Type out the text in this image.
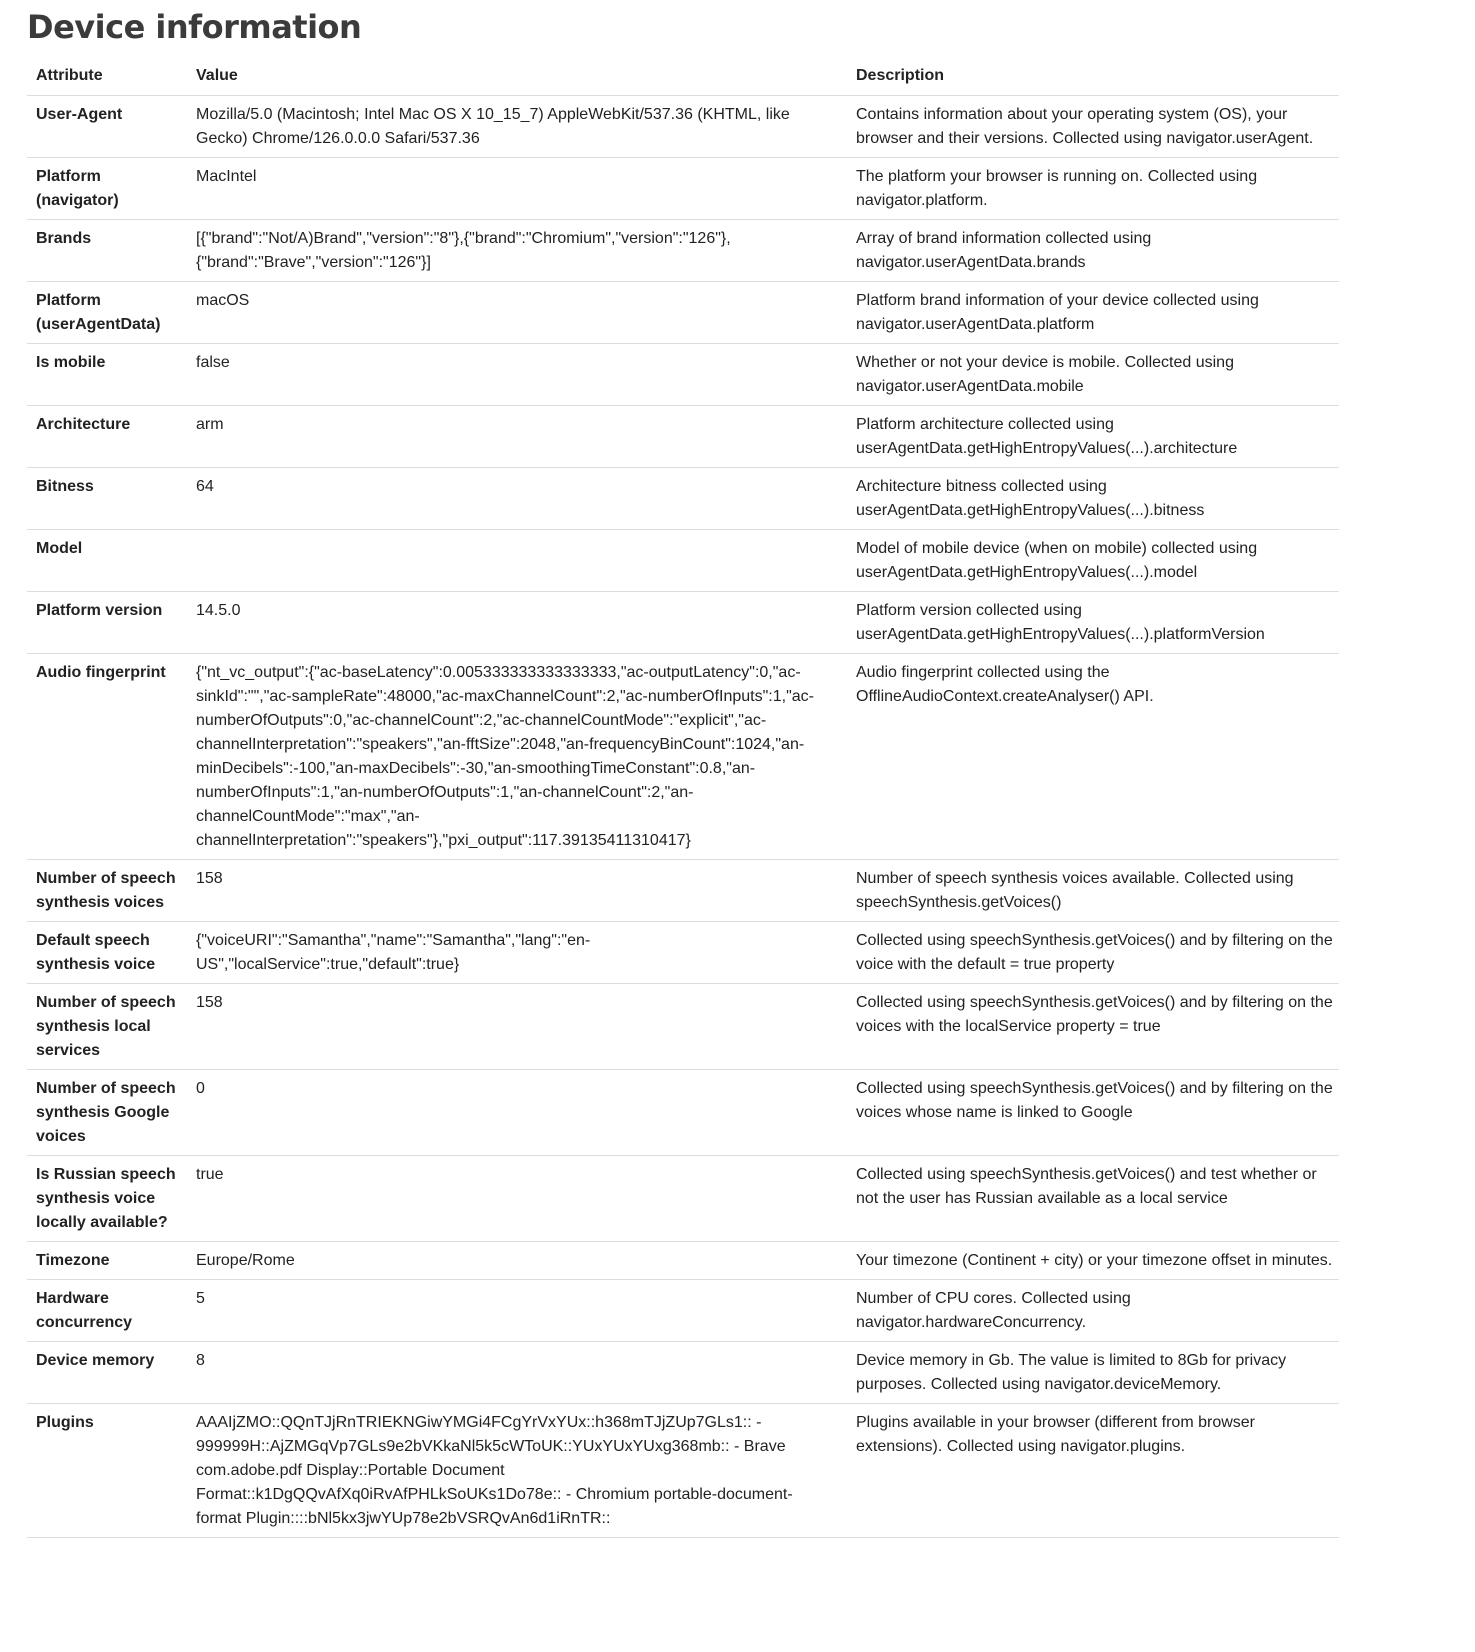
Device information
Attribute	Value	Description
User-Agent	Mozilla/5.0 (Macintosh; Intel Mac OS X 10_15_7) AppleWebKit/537.36 (KHTML, like Gecko) Chrome/126.0.0.0 Safari/537.36	Contains information about your operating system (OS), your browser and their versions. Collected using navigator.userAgent.
Platform (navigator)	MacIntel	The platform your browser is running on. Collected using navigator.platform.
Brands	[{"brand":"Not/A)Brand","version":"8"},{"brand":"Chromium","version":"126"},{"brand":"Brave","version":"126"}]	Array of brand information collected using navigator.userAgentData.brands
Platform (userAgentData)	macOS	Platform brand information of your device collected using navigator.userAgentData.platform
Is mobile	false	Whether or not your device is mobile. Collected using navigator.userAgentData.mobile
Architecture	arm	Platform architecture collected using userAgentData.getHighEntropyValues(...).architecture
Bitness	64	Architecture bitness collected using userAgentData.getHighEntropyValues(...).bitness
Model		Model of mobile device (when on mobile) collected using userAgentData.getHighEntropyValues(...).model
Platform version	14.5.0	Platform version collected using userAgentData.getHighEntropyValues(...).platformVersion
Audio fingerprint	{"nt_vc_output":{"ac-baseLatency":0.005333333333333333,"ac-outputLatency":0,"ac-sinkId":"","ac-sampleRate":48000,"ac-maxChannelCount":2,"ac-numberOfInputs":1,"ac-numberOfOutputs":0,"ac-channelCount":2,"ac-channelCountMode":"explicit","ac-channelInterpretation":"speakers","an-fftSize":2048,"an-frequencyBinCount":1024,"an-minDecibels":-100,"an-maxDecibels":-30,"an-smoothingTimeConstant":0.8,"an-numberOfInputs":1,"an-numberOfOutputs":1,"an-channelCount":2,"an-channelCountMode":"max","an-channelInterpretation":"speakers"},"pxi_output":117.39135411310417}	Audio fingerprint collected using the OfflineAudioContext.createAnalyser() API.
Number of speech synthesis voices	158	Number of speech synthesis voices available. Collected using speechSynthesis.getVoices()
Default speech synthesis voice	{"voiceURI":"Samantha","name":"Samantha","lang":"en-US","localService":true,"default":true}	Collected using speechSynthesis.getVoices() and by filtering on the voice with the default = true property
Number of speech synthesis local services	158	Collected using speechSynthesis.getVoices() and by filtering on the voices with the localService property = true
Number of speech synthesis Google voices	0	Collected using speechSynthesis.getVoices() and by filtering on the voices whose name is linked to Google
Is Russian speech synthesis voice locally available?	true	Collected using speechSynthesis.getVoices() and test whether or not the user has Russian available as a local service
Timezone	Europe/Rome	Your timezone (Continent + city) or your timezone offset in minutes.
Hardware concurrency	5	Number of CPU cores. Collected using navigator.hardwareConcurrency.
Device memory	8	Device memory in Gb. The value is limited to 8Gb for privacy purposes. Collected using navigator.deviceMemory.
Plugins	AAAIjZMO::QQnTJjRnTRIEKNGiwYMGi4FCgYrVxYUx::h368mTJjZUp7GLs1:: - 999999H::AjZMGqVp7GLs9e2bVKkaNl5k5cWToUK::YUxYUxYUxg368mb:: - Brave com.adobe.pdf Display::Portable Document Format::k1DgQQvAfXq0iRvAfPHLkSoUKs1Do78e:: - Chromium portable-document-format Plugin::::bNl5kx3jwYUp78e2bVSRQvAn6d1iRnTR::	Plugins available in your browser (different from browser extensions). Collected using navigator.plugins.
